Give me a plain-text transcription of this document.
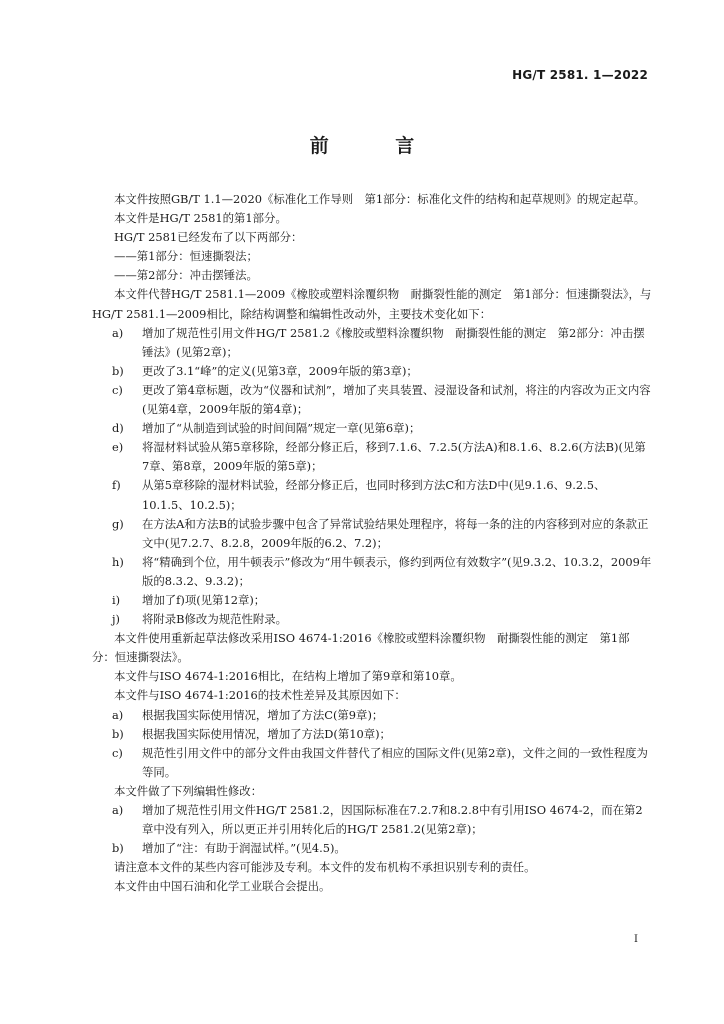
HG/T 2581. 1—2022
前 言

本文件按照GB/T 1.1—2020《标准化工作导则　第1部分：标准化文件的结构和起草规则》的规定起草。

本文件是HG/T 2581的第1部分。

HG/T 2581已经发布了以下两部分：

——第1部分：恒速撕裂法；

——第2部分：冲击摆锤法。

本文件代替HG/T 2581.1—2009《橡胶或塑料涂覆织物　耐撕裂性能的测定　第1部分：恒速撕裂法》，与HG/T 2581.1—2009相比，除结构调整和编辑性改动外，主要技术变化如下：

a) 增加了规范性引用文件HG/T 2581.2《橡胶或塑料涂覆织物　耐撕裂性能的测定　第2部分：冲击摆锤法》(见第2章)；

b) 更改了3.1“峰”的定义(见第3章，2009年版的第3章)；

c) 更改了第4章标题，改为“仪器和试剂”，增加了夹具装置、浸湿设备和试剂，将注的内容改为正文内容(见第4章，2009年版的第4章)；

d) 增加了“从制造到试验的时间间隔”规定一章(见第6章)；

e) 将湿材料试验从第5章移除，经部分修正后，移到7.1.6、7.2.5(方法A)和8.1.6、8.2.6(方法B)(见第7章、第8章，2009年版的第5章)；

f) 从第5章移除的湿材料试验，经部分修正后，也同时移到方法C和方法D中(见9.1.6、9.2.5、10.1.5、10.2.5)；

g) 在方法A和方法B的试验步骤中包含了异常试验结果处理程序，将每一条的注的内容移到对应的条款正文中(见7.2.7、8.2.8，2009年版的6.2、7.2)；

h) 将“精确到个位，用牛顿表示”修改为“用牛顿表示，修约到两位有效数字”(见9.3.2、10.3.2，2009年版的8.3.2、9.3.2)；

i) 增加了f)项(见第12章)；

j) 将附录B修改为规范性附录。

本文件使用重新起草法修改采用ISO 4674-1:2016《橡胶或塑料涂覆织物　耐撕裂性能的测定　第1部分：恒速撕裂法》。

本文件与ISO 4674-1:2016相比，在结构上增加了第9章和第10章。

本文件与ISO 4674-1:2016的技术性差异及其原因如下：

a) 根据我国实际使用情况，增加了方法C(第9章)；

b) 根据我国实际使用情况，增加了方法D(第10章)；

c) 规范性引用文件中的部分文件由我国文件替代了相应的国际文件(见第2章)，文件之间的一致性程度为等同。

本文件做了下列编辑性修改：

a) 增加了规范性引用文件HG/T 2581.2，因国际标准在7.2.7和8.2.8中有引用ISO 4674-2，而在第2章中没有列入，所以更正并引用转化后的HG/T 2581.2(见第2章)；

b) 增加了“注：有助于润湿试样。”(见4.5)。

请注意本文件的某些内容可能涉及专利。本文件的发布机构不承担识别专利的责任。

本文件由中国石油和化学工业联合会提出。

I
